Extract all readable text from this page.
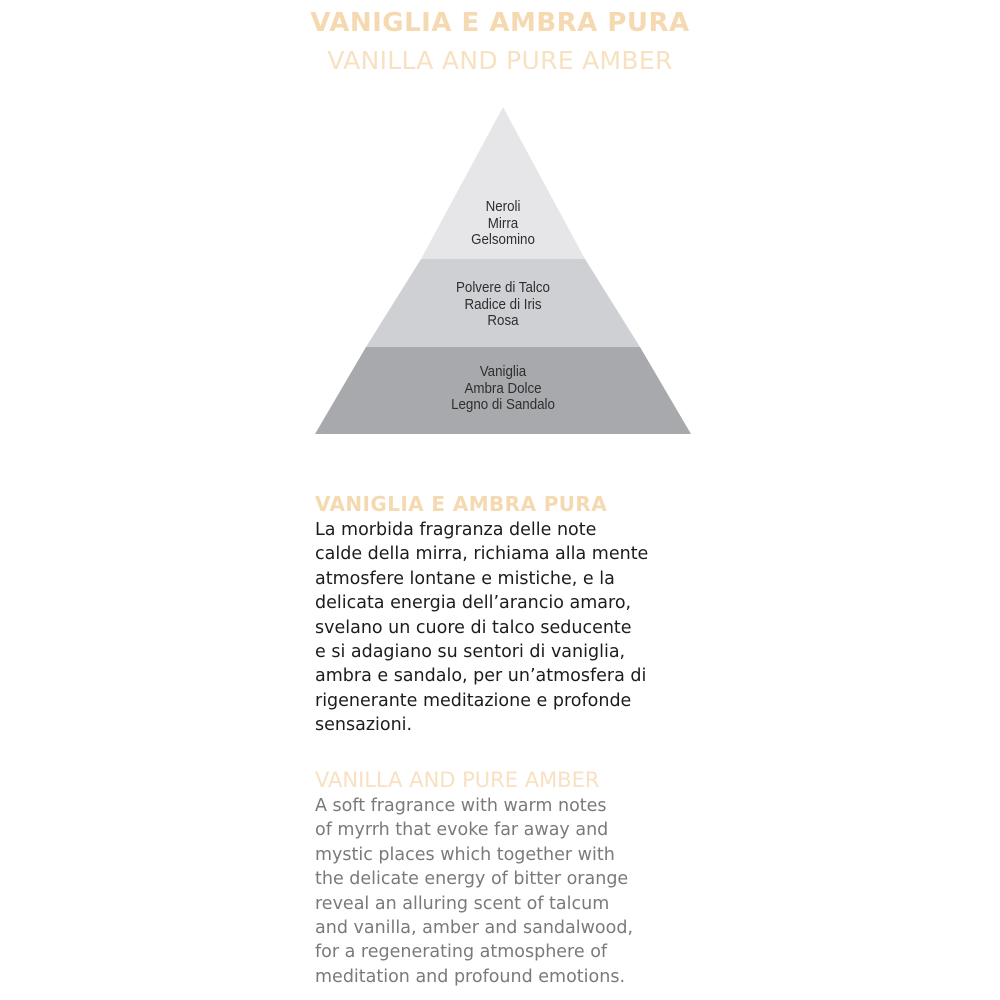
VANIGLIA E AMBRA PURA
VANILLA AND PURE AMBER
Neroli
Mirra
Gelsomino
Polvere di Talco
Radice di Iris
Rosa
Vaniglia
Ambra Dolce
Legno di Sandalo
VANIGLIA E AMBRA PURA
La morbida fragranza delle note
calde della mirra, richiama alla mente
atmosfere lontane e mistiche, e la
delicata energia dell’arancio amaro,
svelano un cuore di talco seducente
e si adagiano su sentori di vaniglia,
ambra e sandalo, per un’atmosfera di
rigenerante meditazione e profonde
sensazioni.
VANILLA AND PURE AMBER
A soft fragrance with warm notes
of myrrh that evoke far away and
mystic places which together with
the delicate energy of bitter orange
reveal an alluring scent of talcum
and vanilla, amber and sandalwood,
for a regenerating atmosphere of
meditation and profound emotions.
